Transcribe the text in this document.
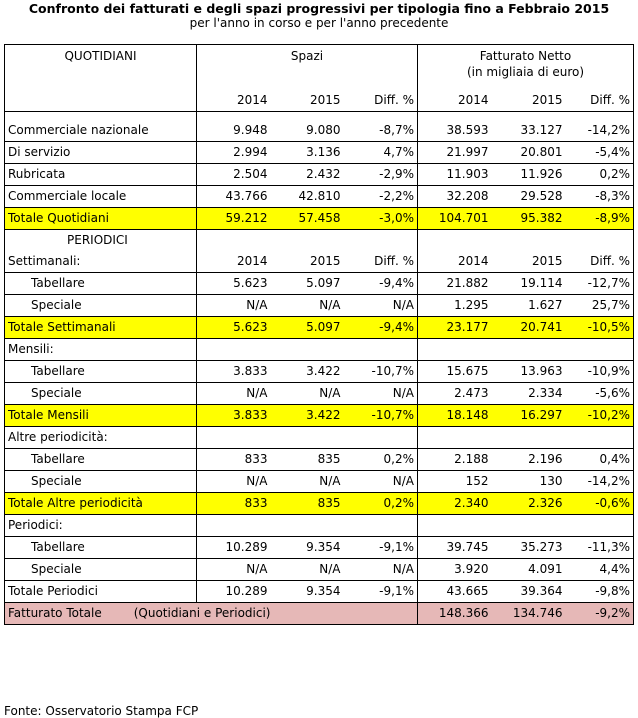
Confronto dei fatturati e degli spazi progressivi per tipologia fino a Febbraio 2015
per l'anno in corso e per l'anno precedente
QUOTIDIANI	Spazi			Fatturato Netto
(in migliaia di euro)		

	2014	2015	Diff. %	2014	2015	Diff. %

Commerciale nazionale	9.948	9.080	-8,7%	38.593	33.127	-14,2%
Di servizio	2.994	3.136	4,7%	21.997	20.801	-5,4%
Rubricata	2.504	2.432	-2,9%	11.903	11.926	0,2%
Commerciale locale	43.766	42.810	-2,2%	32.208	29.528	-8,3%
Totale Quotidiani	59.212	57.458	-3,0%	104.701	95.382	-8,9%
PERIODICI						
Settimanali:	2014	2015	Diff. %	2014	2015	Diff. %

Tabellare	5.623	5.097	-9,4%	21.882	19.114	-12,7%
Speciale	N/A	N/A	N/A	1.295	1.627	25,7%
Totale Settimanali	5.623	5.097	-9,4%	23.177	20.741	-10,5%
Mensili:						
Tabellare	3.833	3.422	-10,7%	15.675	13.963	-10,9%
Speciale	N/A	N/A	N/A	2.473	2.334	-5,6%
Totale Mensili	3.833	3.422	-10,7%	18.148	16.297	-10,2%
Altre periodicità:						
Tabellare	833	835	0,2%	2.188	2.196	0,4%
Speciale	N/A	N/A	N/A	152	130	-14,2%
Totale Altre periodicità	833	835	0,2%	2.340	2.326	-0,6%
Periodici:						
Tabellare	10.289	9.354	-9,1%	39.745	35.273	-11,3%
Speciale	N/A	N/A	N/A	3.920	4.091	4,4%
Totale Periodici	10.289	9.354	-9,1%	43.665	39.364	-9,8%
Fatturato Totale (Quotidiani e Periodici)				148.366	134.746	-9,2%
Fonte: Osservatorio Stampa FCP
